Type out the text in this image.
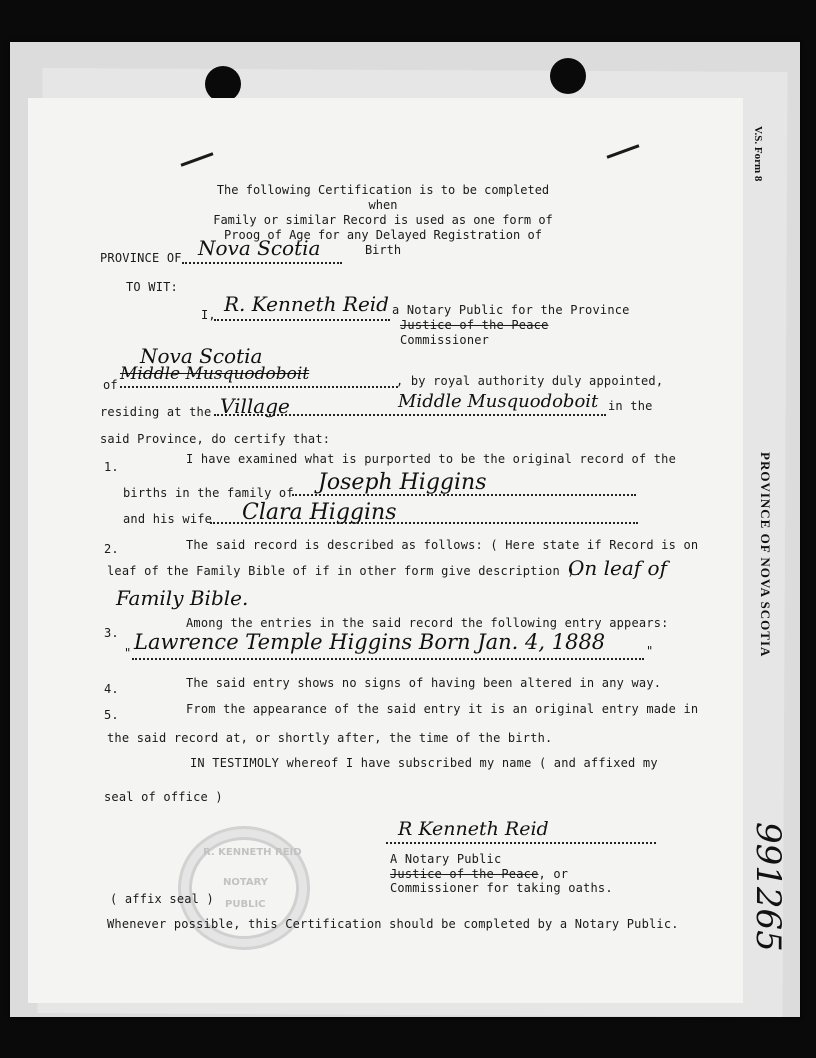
V.S. Form 8
PROVINCE OF NOVA SCOTIA
991265
The following Certification is to be completed when
Family or similar Record is used as one form of
Proog of Age for any Delayed Registration of Birth
PROVINCE OF Nova Scotia
TO WIT:
I, R. Kenneth Reid a Notary Public for the Province
Justice of the Peace
Commissioner
Nova Scotia
of
Middle Musquodoboit	, by royal authority duly appointed,
residing at the Village	Middle Musquodoboit in the
said Province, do certify that:
1.
I have examined what is purported to be the original record of the
births in the family of Joseph Higgins
and his wife Clara Higgins
2.	The said record is described as follows: ( Here state if Record is on
leaf of the Family Bible of if in other form give description ).
On leaf of
Family Bible.
3.
Among the entries in the said record the following entry appears:
" Lawrence Temple Higgins Born Jan. 4, 1888	"
4.	The said entry shows no signs of having been altered in any way.
5.	From the appearance of the said entry it is an original entry made in
the said record at, or shortly after, the time of the birth.
IN TESTIMOLY whereof I have subscribed my name ( and affixed my
seal of office )
R. KENNETH REID
NOTARY
PUBLIC
R Kenneth Reid
A Notary Public
Justice of the Peace, or
Commissioner for taking oaths.
( affix seal )
Whenever possible, this Certification should be completed by a Notary Public.
